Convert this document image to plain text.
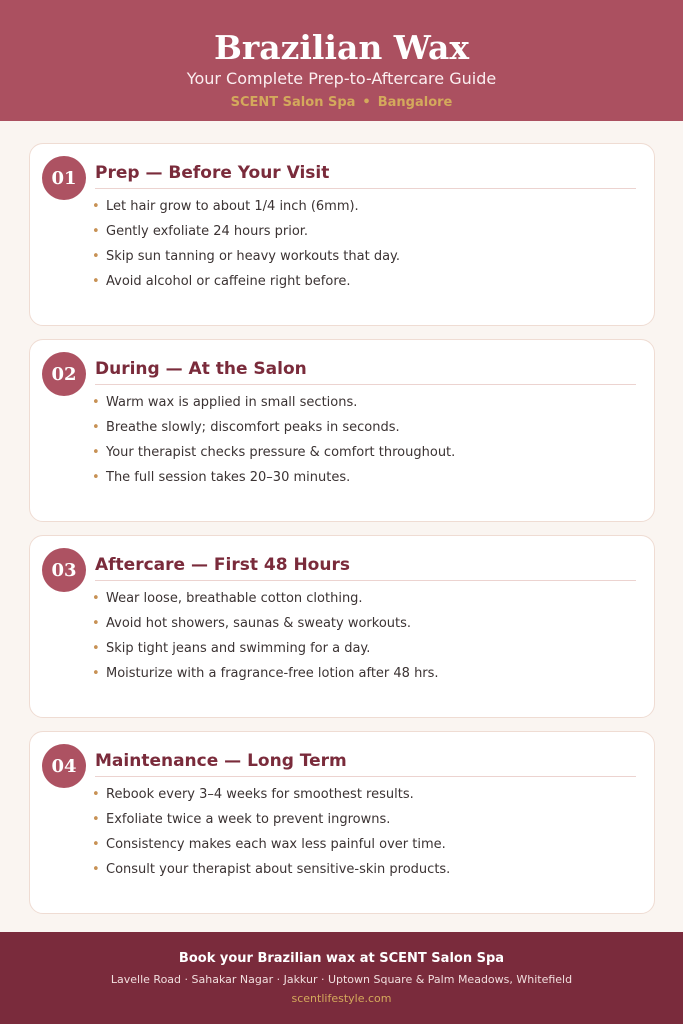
Brazilian Wax
Your Complete Prep-to-Aftercare Guide
SCENT Salon Spa • Bangalore
01	Prep — Before Your Visit
• Let hair grow to about 1/4 inch (6mm).
• Gently exfoliate 24 hours prior.
• Skip sun tanning or heavy workouts that day.
• Avoid alcohol or caffeine right before.
02	During — At the Salon
• Warm wax is applied in small sections.
• Breathe slowly; discomfort peaks in seconds.
• Your therapist checks pressure & comfort throughout.
• The full session takes 20–30 minutes.
03	Aftercare — First 48 Hours
• Wear loose, breathable cotton clothing.
• Avoid hot showers, saunas & sweaty workouts.
• Skip tight jeans and swimming for a day.
• Moisturize with a fragrance-free lotion after 48 hrs.
04	Maintenance — Long Term
• Rebook every 3–4 weeks for smoothest results.
• Exfoliate twice a week to prevent ingrowns.
• Consistency makes each wax less painful over time.
• Consult your therapist about sensitive-skin products.
Book your Brazilian wax at SCENT Salon Spa
Lavelle Road · Sahakar Nagar · Jakkur · Uptown Square & Palm Meadows, Whitefield
scentlifestyle.com
